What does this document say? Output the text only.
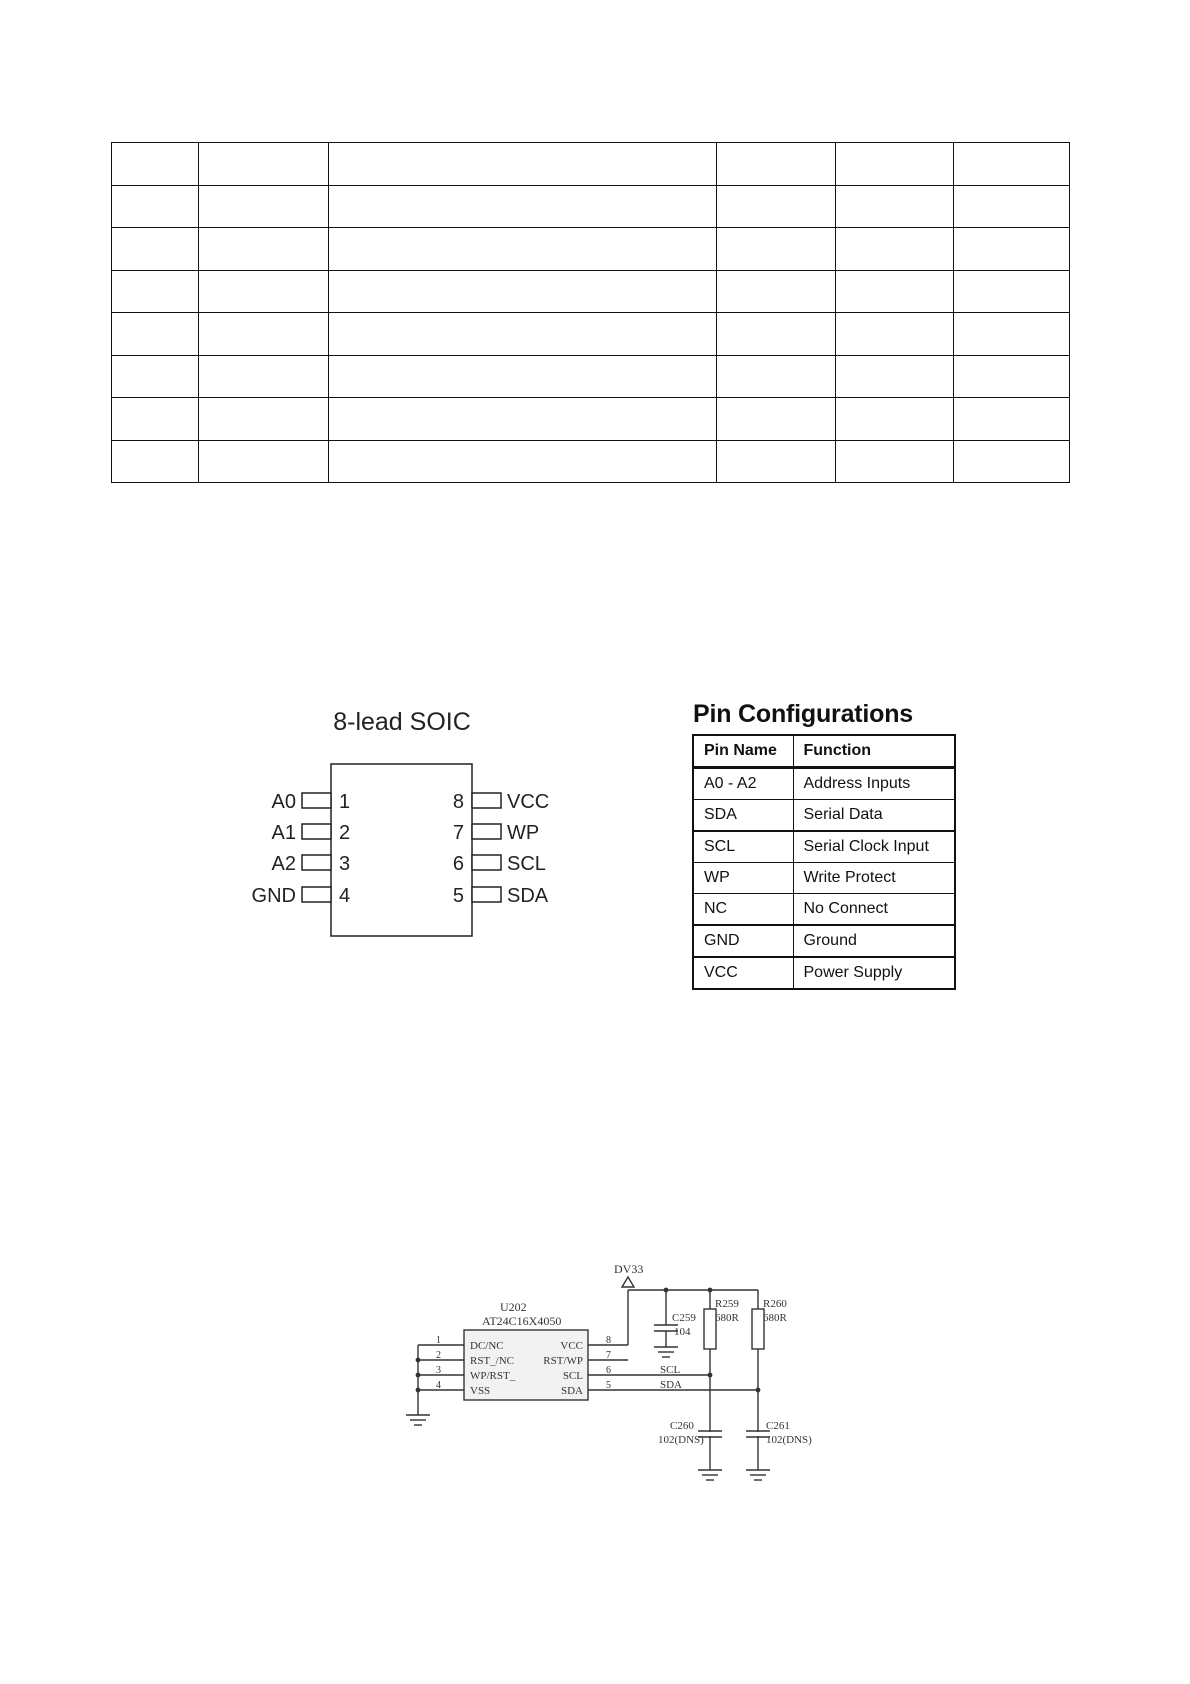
8-lead SOIC
A0
A1
A2
GND
1
2
3
4
8
7
6
5
VCC
WP
SCL
SDA
Pin Configurations
Pin Name	Function
A0 - A2	Address Inputs
SDA	Serial Data
SCL	Serial Clock Input
WP	Write Protect
NC	No Connect
GND	Ground
VCC	Power Supply
DV33
U202
AT24C16X4050
DC/NC
RST_/NC
WP/RST_
VSS
VCC
RST/WP
SCL
SDA
1
2
3
4
8
7
6
5
SCL
SDA
C259
104
R259
680R
R260
680R
C260
102(DNS)
C261
102(DNS)
